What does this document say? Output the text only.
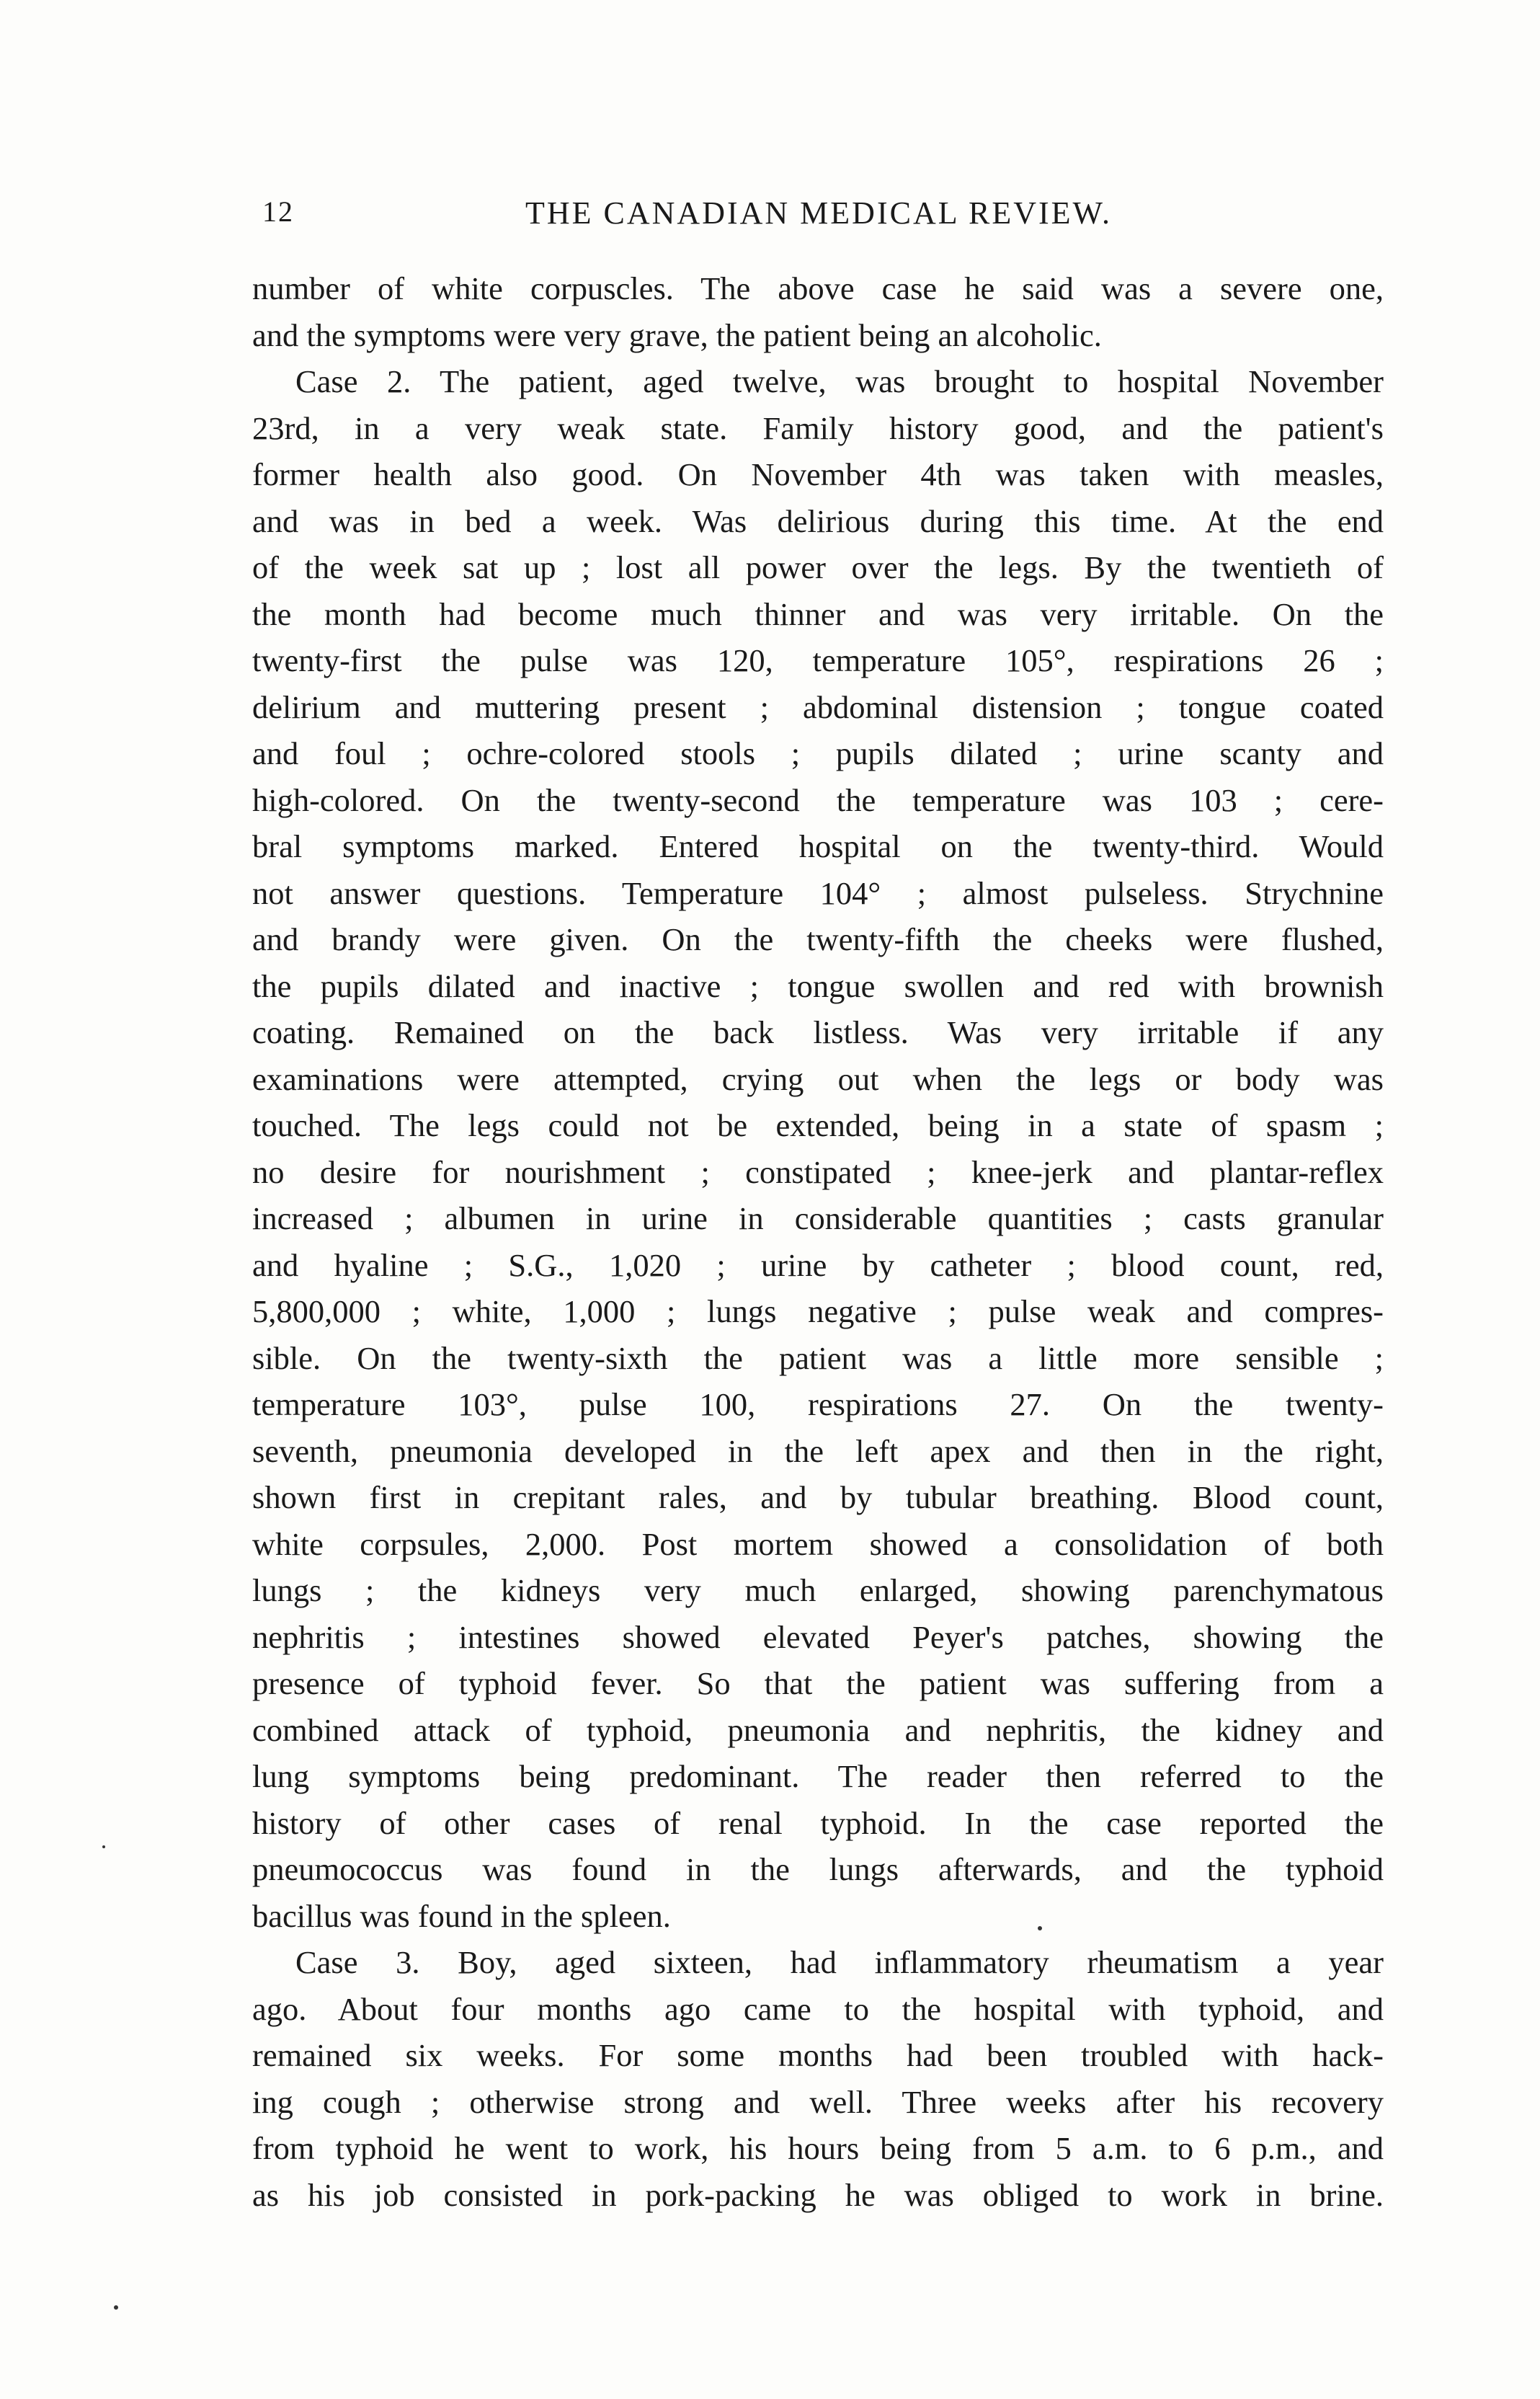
12	THE CANADIAN MEDICAL REVIEW.
number of white corpuscles. The above case he said was a severe one,
and the symptoms were very grave, the patient being an alcoholic.
Case 2. The patient, aged twelve, was brought to hospital November
23rd, in a very weak state. Family history good, and the patient's
former health also good. On November 4th was taken with measles,
and was in bed a week. Was delirious during this time. At the end
of the week sat up ; lost all power over the legs. By the twentieth of
the month had become much thinner and was very irritable. On the
twenty-first the pulse was 120, temperature 105°, respirations 26 ;
delirium and muttering present ; abdominal distension ; tongue coated
and foul ; ochre-colored stools ; pupils dilated ; urine scanty and
high-colored. On the twenty-second the temperature was 103 ; cere-
bral symptoms marked. Entered hospital on the twenty-third. Would
not answer questions. Temperature 104° ; almost pulseless. Strychnine
and brandy were given. On the twenty-fifth the cheeks were flushed,
the pupils dilated and inactive ; tongue swollen and red with brownish
coating. Remained on the back listless. Was very irritable if any
examinations were attempted, crying out when the legs or body was
touched. The legs could not be extended, being in a state of spasm ;
no desire for nourishment ; constipated ; knee-jerk and plantar-reflex
increased ; albumen in urine in considerable quantities ; casts granular
and hyaline ; S.G., 1,020 ; urine by catheter ; blood count, red,
5,800,000 ; white, 1,000 ; lungs negative ; pulse weak and compres-
sible. On the twenty-sixth the patient was a little more sensible ;
temperature 103°, pulse 100, respirations 27. On the twenty-
seventh, pneumonia developed in the left apex and then in the right,
shown first in crepitant rales, and by tubular breathing. Blood count,
white corpsules, 2,000. Post mortem showed a consolidation of both
lungs ; the kidneys very much enlarged, showing parenchymatous
nephritis ; intestines showed elevated Peyer's patches, showing the
presence of typhoid fever. So that the patient was suffering from a
combined attack of typhoid, pneumonia and nephritis, the kidney and
lung symptoms being predominant. The reader then referred to the
history of other cases of renal typhoid. In the case reported the
pneumococcus was found in the lungs afterwards, and the typhoid
bacillus was found in the spleen.
Case 3. Boy, aged sixteen, had inflammatory rheumatism a year
ago. About four months ago came to the hospital with typhoid, and
remained six weeks. For some months had been troubled with hack-
ing cough ; otherwise strong and well. Three weeks after his recovery
from typhoid he went to work, his hours being from 5 a.m. to 6 p.m., and
as his job consisted in pork-packing he was obliged to work in brine.
